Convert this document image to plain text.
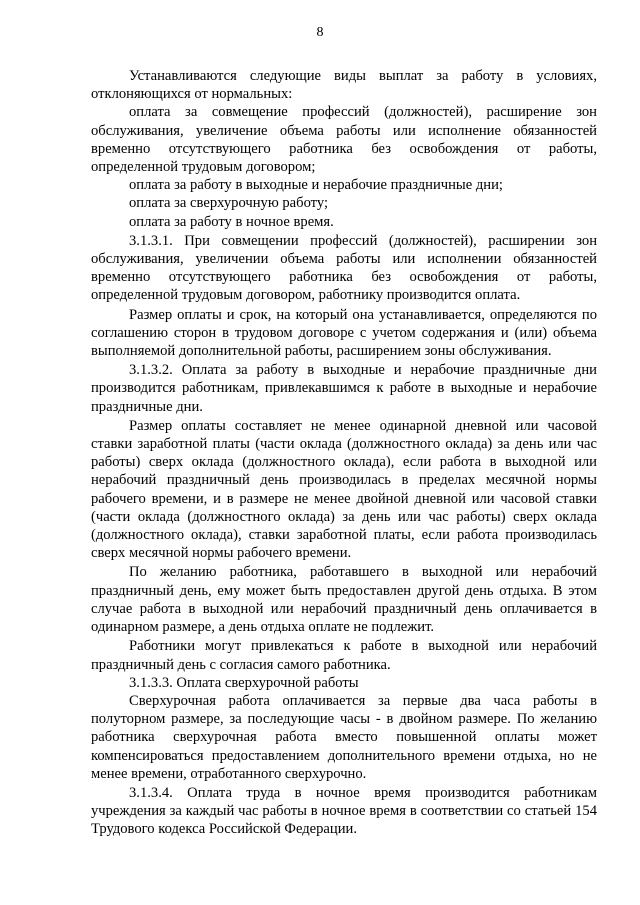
8

Устанавливаются следующие виды выплат за работу в условиях, отклоняющихся от нормальных:

оплата за совмещение профессий (должностей), расширение зон обслуживания, увеличение объема работы или исполнение обязанностей временно отсутствующего работника без освобождения от работы, определенной трудовым договором;

оплата за работу в выходные и нерабочие праздничные дни;

оплата за сверхурочную работу;

оплата за работу в ночное время.

3.1.3.1. При совмещении профессий (должностей), расширении зон обслуживания, увеличении объема работы или исполнении обязанностей временно отсутствующего работника без освобождения от работы, определенной трудовым договором, работнику производится оплата.

Размер оплаты и срок, на который она устанавливается, определяются по соглашению сторон в трудовом договоре с учетом содержания и (или) объема выполняемой дополнительной работы, расширением зоны обслуживания.

3.1.3.2. Оплата за работу в выходные и нерабочие праздничные дни производится работникам, привлекавшимся к работе в выходные и нерабочие праздничные дни.

Размер оплаты составляет не менее одинарной дневной или часовой ставки заработной платы (части оклада (должностного оклада) за день или час работы) сверх оклада (должностного оклада), если работа в выходной или нерабочий праздничный день производилась в пределах месячной нормы рабочего времени, и в размере не менее двойной дневной или часовой ставки (части оклада (должностного оклада) за день или час работы) сверх оклада (должностного оклада), ставки заработной платы, если работа производилась сверх месячной нормы рабочего времени.

По желанию работника, работавшего в выходной или нерабочий праздничный день, ему может быть предоставлен другой день отдыха. В этом случае работа в выходной или нерабочий праздничный день оплачивается в одинарном размере, а день отдыха оплате не подлежит.

Работники могут привлекаться к работе в выходной или нерабочий праздничный день с согласия самого работника.

3.1.3.3. Оплата сверхурочной работы

Сверхурочная работа оплачивается за первые два часа работы в полуторном размере, за последующие часы - в двойном размере. По желанию работника сверхурочная работа вместо повышенной оплаты может компенсироваться предоставлением дополнительного времени отдыха, но не менее времени, отработанного сверхурочно.

3.1.3.4. Оплата труда в ночное время производится работникам учреждения за каждый час работы в ночное время в соответствии со статьей 154 Трудового кодекса Российской Федерации.
